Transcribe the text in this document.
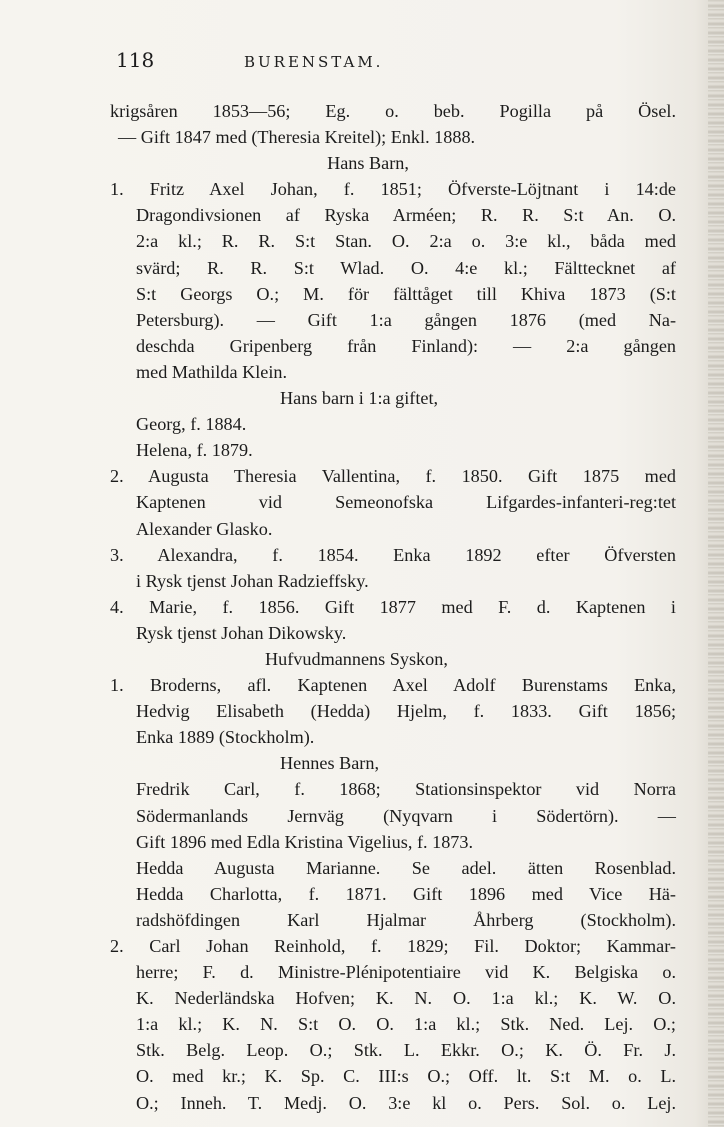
118	BURENSTAM.
krigsåren 1853—56; Eg. o. beb. Pogilla på Ösel.
— Gift 1847 med (Theresia Kreitel); Enkl. 1888.
Hans Barn,
1. Fritz Axel Johan, f. 1851; Öfverste-Löjtnant i 14:de
Dragondivsionen af Ryska Arméen; R. R. S:t An. O.
2:a kl.; R. R. S:t Stan. O. 2:a o. 3:e kl., båda med
svärd; R. R. S:t Wlad. O. 4:e kl.; Fälttecknet af
S:t Georgs O.; M. för fälttåget till Khiva 1873 (S:t
Petersburg). — Gift 1:a gången 1876 (med Na-
deschda Gripenberg från Finland): — 2:a gången
med Mathilda Klein.
Hans barn i 1:a giftet,
Georg, f. 1884.
Helena, f. 1879.
2. Augusta Theresia Vallentina, f. 1850. Gift 1875 med
Kaptenen vid Semeonofska Lifgardes-infanteri-reg:tet
Alexander Glasko.
3. Alexandra, f. 1854. Enka 1892 efter Öfversten
i Rysk tjenst Johan Radzieffsky.
4. Marie, f. 1856. Gift 1877 med F. d. Kaptenen i
Rysk tjenst Johan Dikowsky.
Hufvudmannens Syskon,
1. Broderns, afl. Kaptenen Axel Adolf Burenstams Enka,
Hedvig Elisabeth (Hedda) Hjelm, f. 1833. Gift 1856;
Enka 1889 (Stockholm).
Hennes Barn,
Fredrik Carl, f. 1868; Stationsinspektor vid Norra
Södermanlands Jernväg (Nyqvarn i Södertörn). —
Gift 1896 med Edla Kristina Vigelius, f. 1873.
Hedda Augusta Marianne. Se adel. ätten Rosenblad.
Hedda Charlotta, f. 1871. Gift 1896 med Vice Hä-
radshöfdingen Karl Hjalmar Åhrberg (Stockholm).
2. Carl Johan Reinhold, f. 1829; Fil. Doktor; Kammar-
herre; F. d. Ministre-Plénipotentiaire vid K. Belgiska o.
K. Nederländska Hofven; K. N. O. 1:a kl.; K. W. O.
1:a kl.; K. N. S:t O. O. 1:a kl.; Stk. Ned. Lej. O.;
Stk. Belg. Leop. O.; Stk. L. Ekkr. O.; K. Ö. Fr. J.
O. med kr.; K. Sp. C. III:s O.; Off. lt. S:t M. o. L.
O.; Inneh. T. Medj. O. 3:e kl o. Pers. Sol. o. Lej.
